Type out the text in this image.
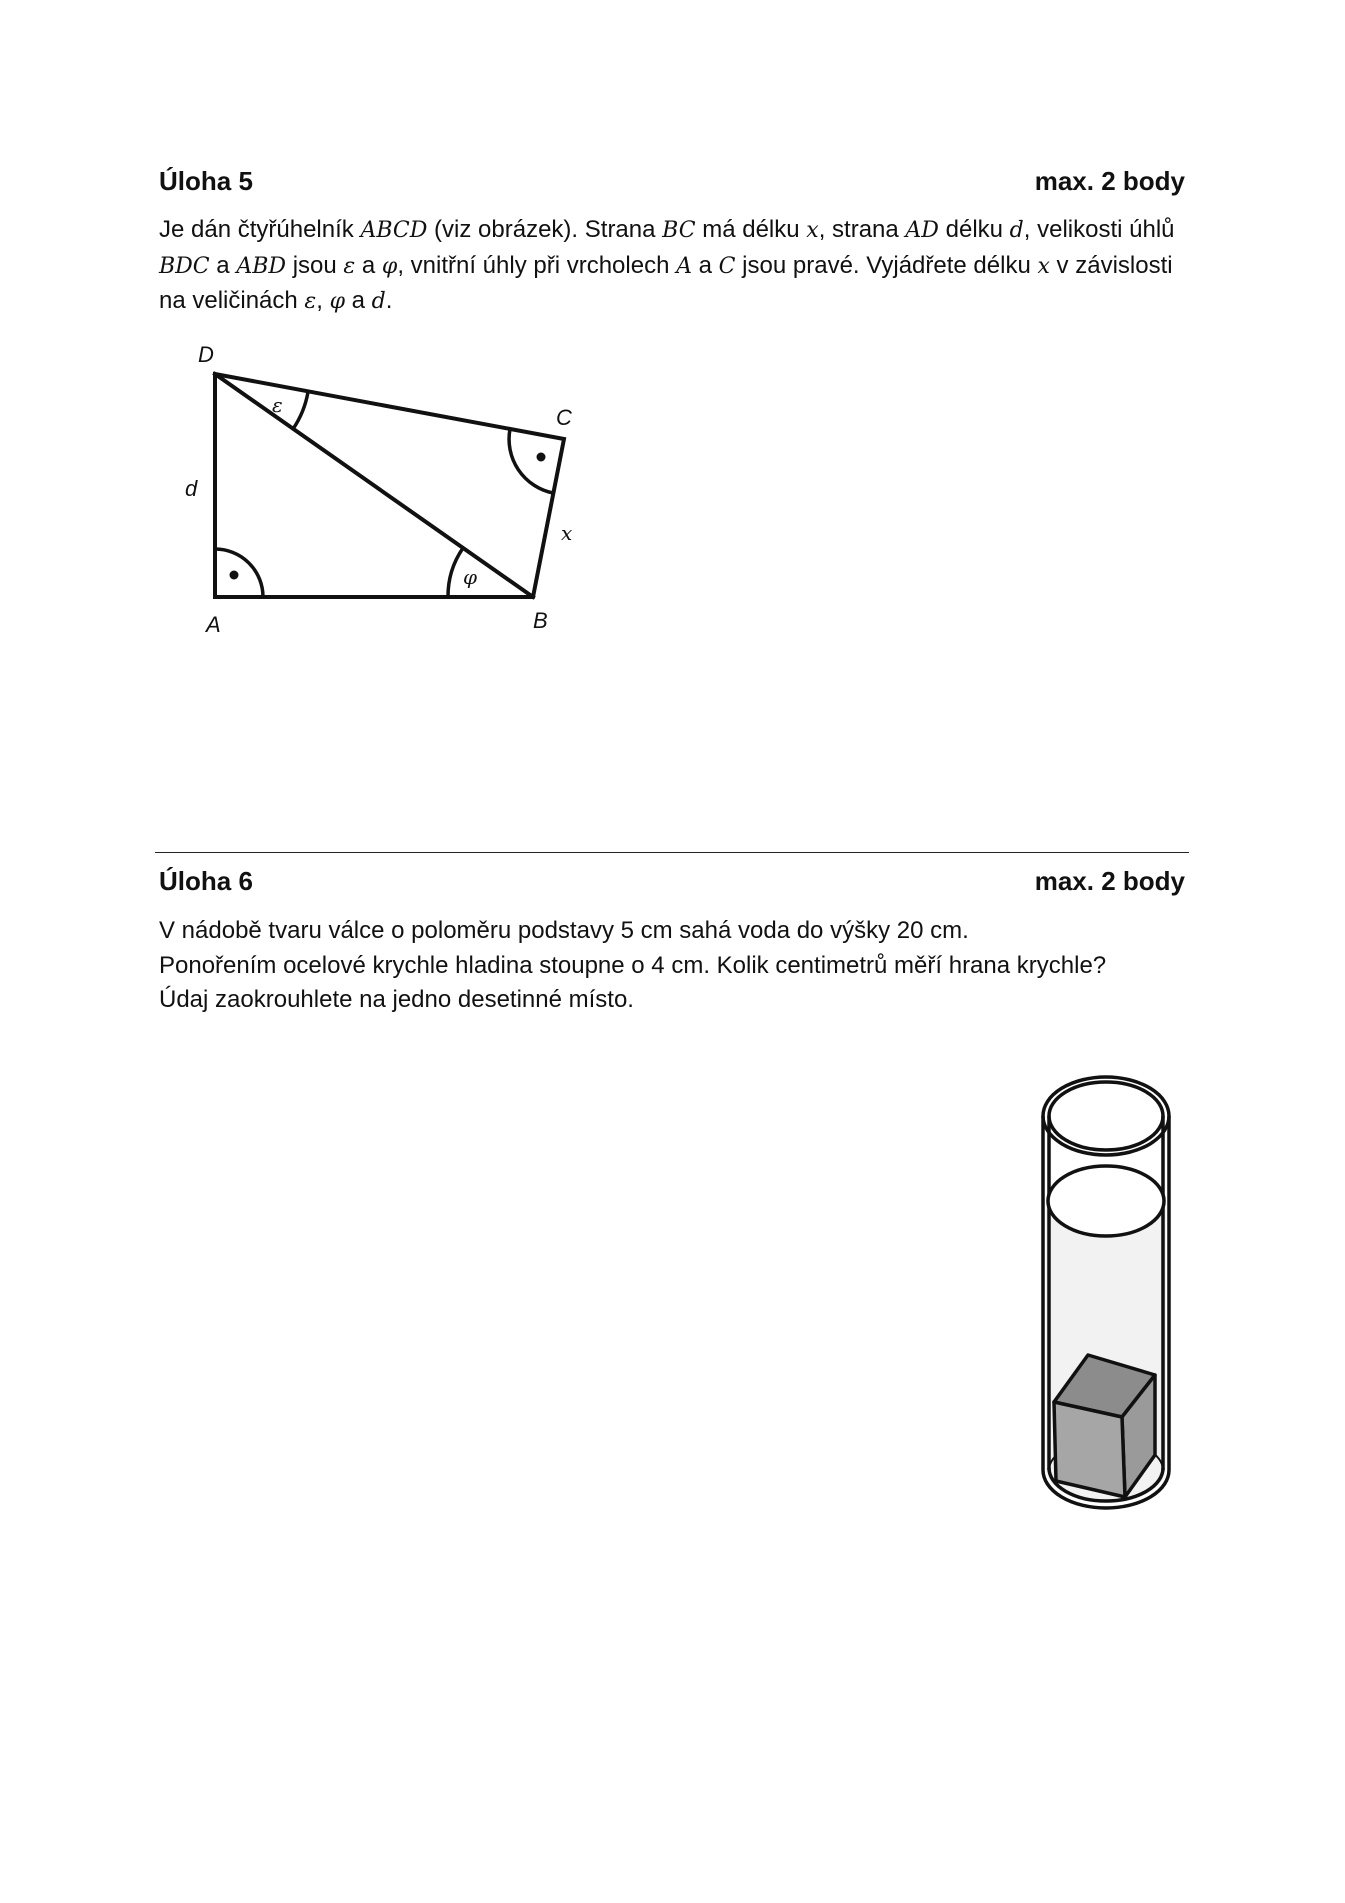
Úloha 5	max. 2 body
Je dán čtyřúhelník ABCD (viz obrázek). Strana BC má délku x, strana AD délku d, velikosti úhlů BDC a ABD jsou ε a φ, vnitřní úhly při vrcholech A a C jsou pravé. Vyjádřete délku x v závislosti na veličinách ε, φ a d.
D
C
A	B
d
x
ε
φ
Úloha 6	max. 2 body
V nádobě tvaru válce o poloměru podstavy 5 cm sahá voda do výšky 20 cm.
Ponořením ocelové krychle hladina stoupne o 4 cm. Kolik centimetrů měří hrana krychle?
Údaj zaokrouhlete na jedno desetinné místo.
